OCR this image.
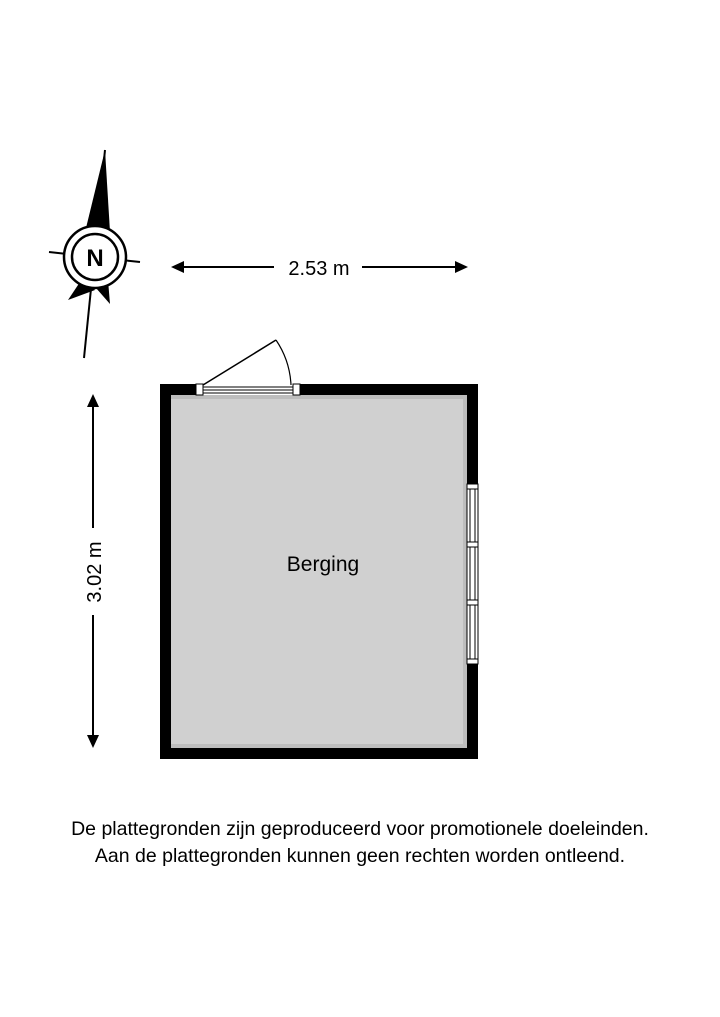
N	2.53 m
3.02 m	Berging
De plattegronden zijn geproduceerd voor promotionele doeleinden.
Aan de plattegronden kunnen geen rechten worden ontleend.
